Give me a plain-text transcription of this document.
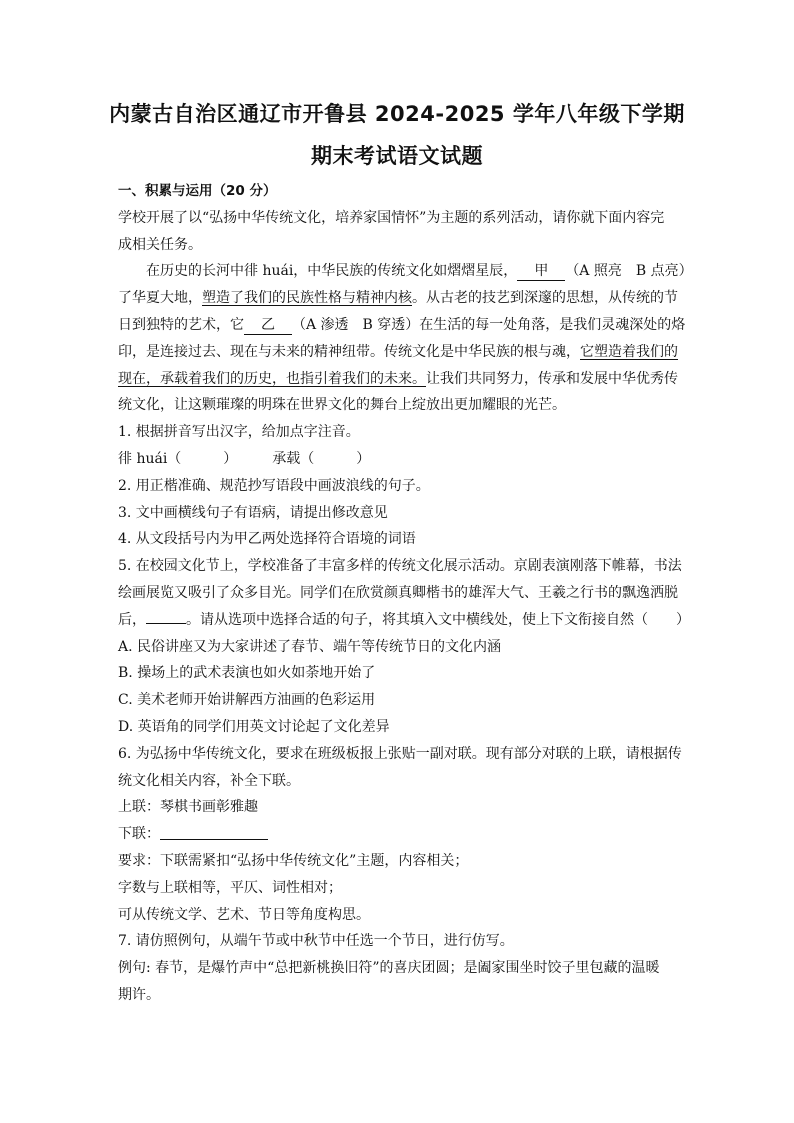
内蒙古自治区通辽市开鲁县 2024-2025 学年八年级下学期
期末考试语文试题
一、积累与运用（20 分）
学校开展了以“弘扬中华传统文化，培养家国情怀”为主题的系列活动，请你就下面内容完
成相关任务。
在历史的长河中徘 huái，中华民族的传统文化如熠熠星辰， 甲 （A 照亮　B 点亮）
了华夏大地，塑造了我们的民族性格与精神内核。从古老的技艺到深邃的思想，从传统的节
日到独特的艺术，它 乙 （A 渗透　B 穿透）在生活的每一处角落，是我们灵魂深处的烙
印，是连接过去、现在与未来的精神纽带。传统文化是中华民族的根与魂，它塑造着我们的
现在，承载着我们的历史，也指引着我们的未来。让我们共同努力，传承和发展中华优秀传
统文化，让这颗璀璨的明珠在世界文化的舞台上绽放出更加耀眼的光芒。
1. 根据拼音写出汉字，给加点字注音。
徘 huái（　　　）　　　承载（　　　）
2. 用正楷准确、规范抄写语段中画波浪线的句子。
3. 文中画横线句子有语病，请提出修改意见
4. 从文段括号内为甲乙两处选择符合语境的词语
5. 在校园文化节上，学校准备了丰富多样的传统文化展示活动。京剧表演刚落下帷幕，书法
绘画展览又吸引了众多目光。同学们在欣赏颜真卿楷书的雄浑大气、王羲之行书的飘逸洒脱
后，	。请从选项中选择合适的句子，将其填入文中横线处，使上下文衔接自然（　　）
A. 民俗讲座又为大家讲述了春节、端午等传统节日的文化内涵
B. 操场上的武术表演也如火如荼地开始了
C. 美术老师开始讲解西方油画的色彩运用
D. 英语角的同学们用英文讨论起了文化差异
6. 为弘扬中华传统文化，要求在班级板报上张贴一副对联。现有部分对联的上联，请根据传
统文化相关内容，补全下联。
上联：琴棋书画彰雅趣
下联：
要求：下联需紧扣“弘扬中华传统文化”主题，内容相关；
字数与上联相等，平仄、词性相对；
可从传统文学、艺术、节日等角度构思。
7. 请仿照例句，从端午节或中秋节中任选一个节日，进行仿写。
例句: 春节，是爆竹声中“总把新桃换旧符”的喜庆团圆；是阖家围坐时饺子里包藏的温暖
期许。
